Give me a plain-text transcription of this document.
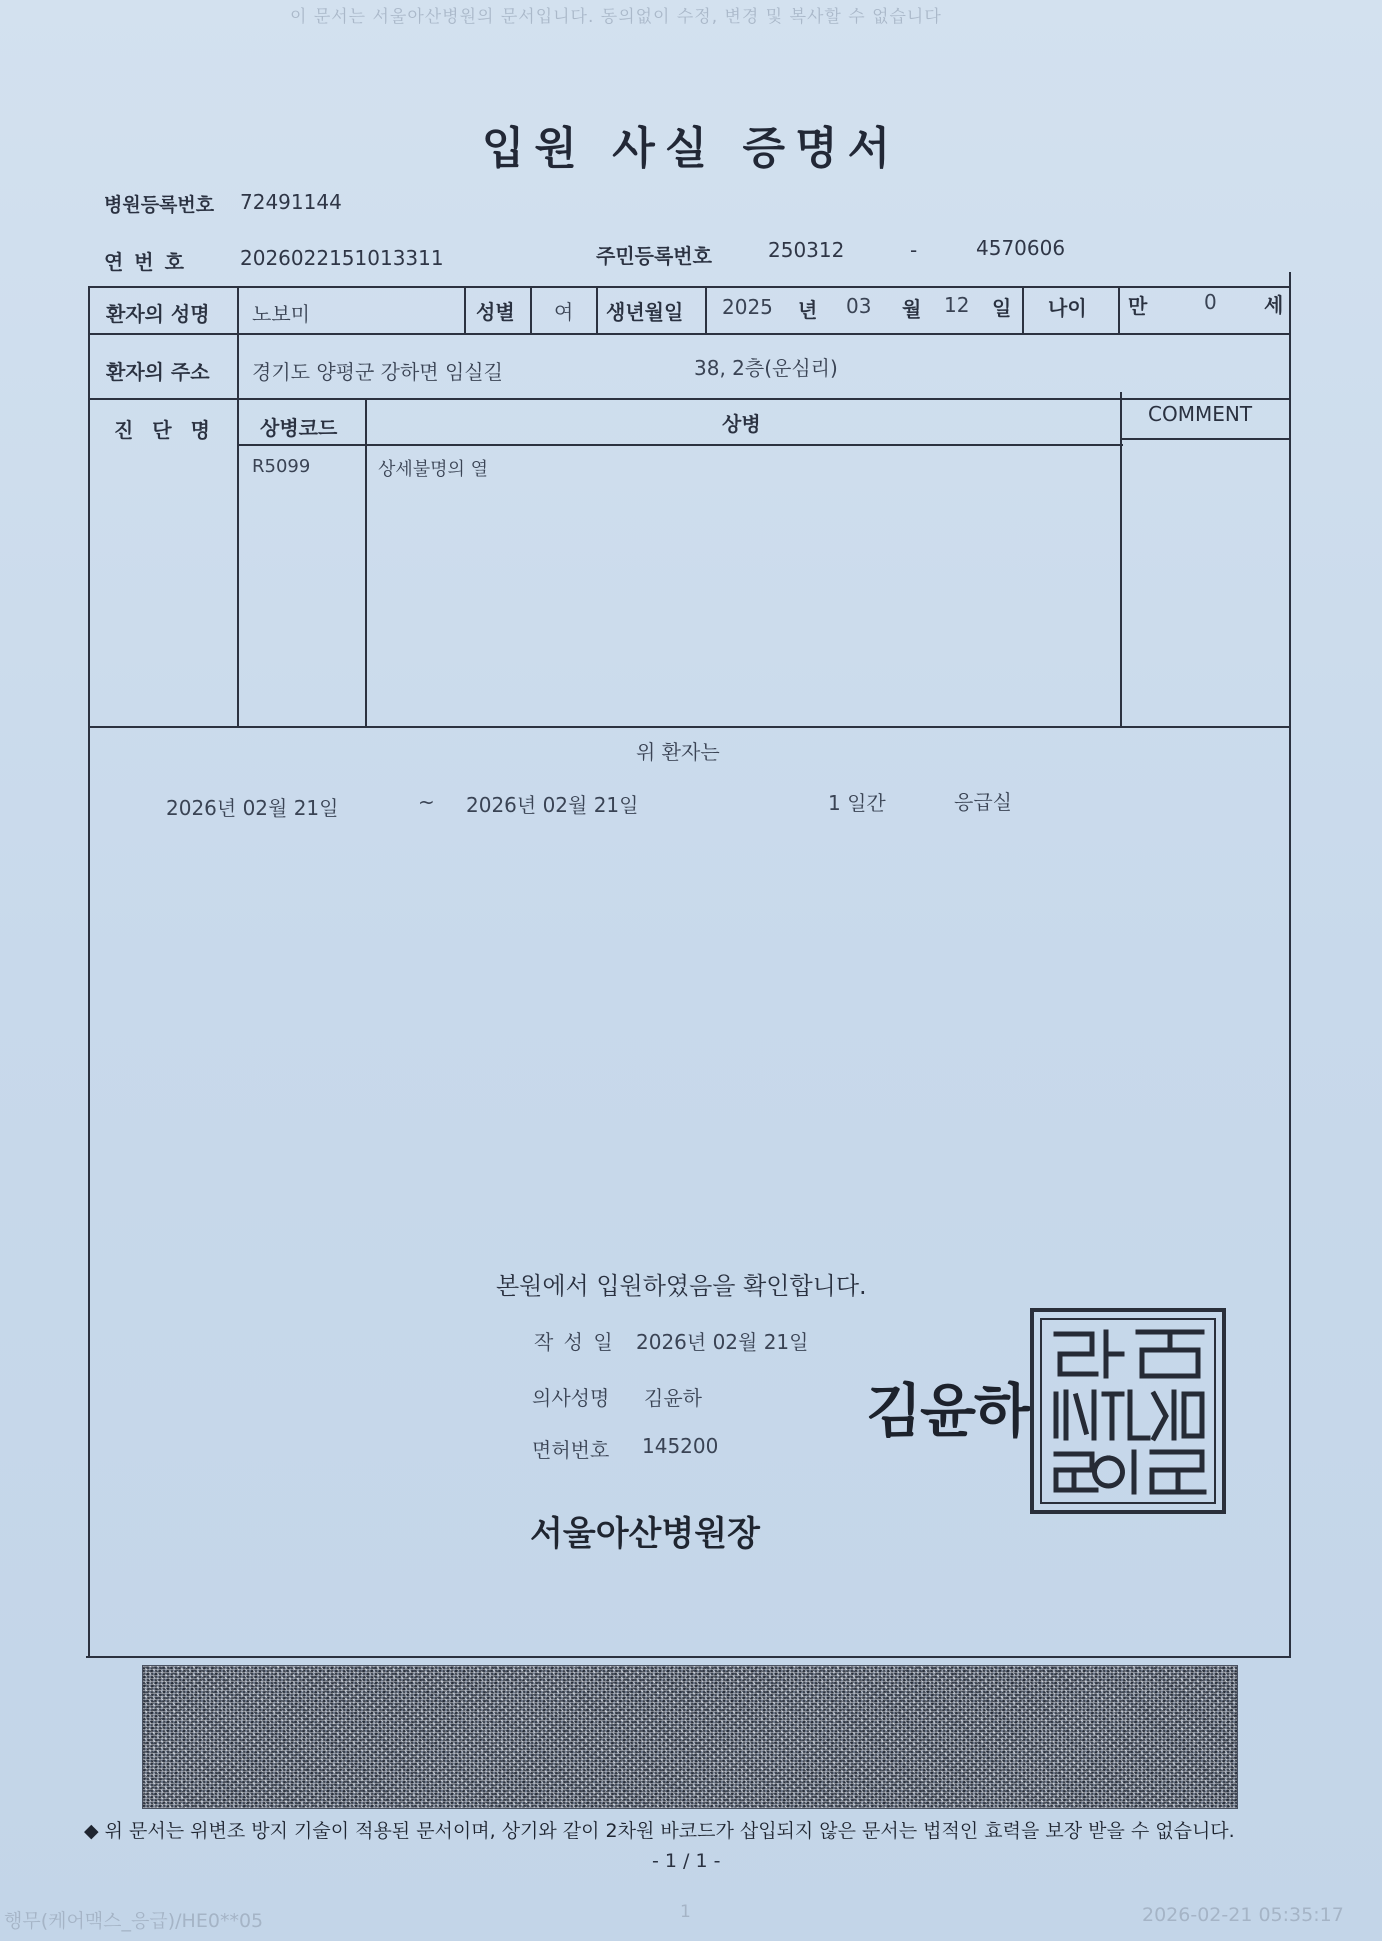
이 문서는 서울아산병원의 문서입니다. 동의없이 수정, 변경 및 복사할 수 없습니다
입원 사실 증명서
병원등록번호 72491144
연 번 호	2026022151013311	주민등록번호	250312	-	4570606
환자의 성명 노보미	성별 여 생년월일 2025 년 03 월 12 일 나이 만	0 세
환자의 주소 경기도 양평군 강하면 임실길	38, 2층(운심리)
진 단 명 상병코드	상병	COMMENT
R5099	상세불명의 열
위 환자는
2026년 02월 21일	~ 2026년 02월 21일	1 일간	응급실
본원에서 입원하였음을 확인합니다.
작 성 일 2026년 02월 21일
의사성명 김윤하
면허번호 145200
김윤하
서울아산병원장
◆ 위 문서는 위변조 방지 기술이 적용된 문서이며, 상기와 같이 2차원 바코드가 삽입되지 않은 문서는 법적인 효력을 보장 받을 수 없습니다.
- 1 / 1 -
행무(케어맥스_응급)/HE0**05	1	2026-02-21 05:35:17
